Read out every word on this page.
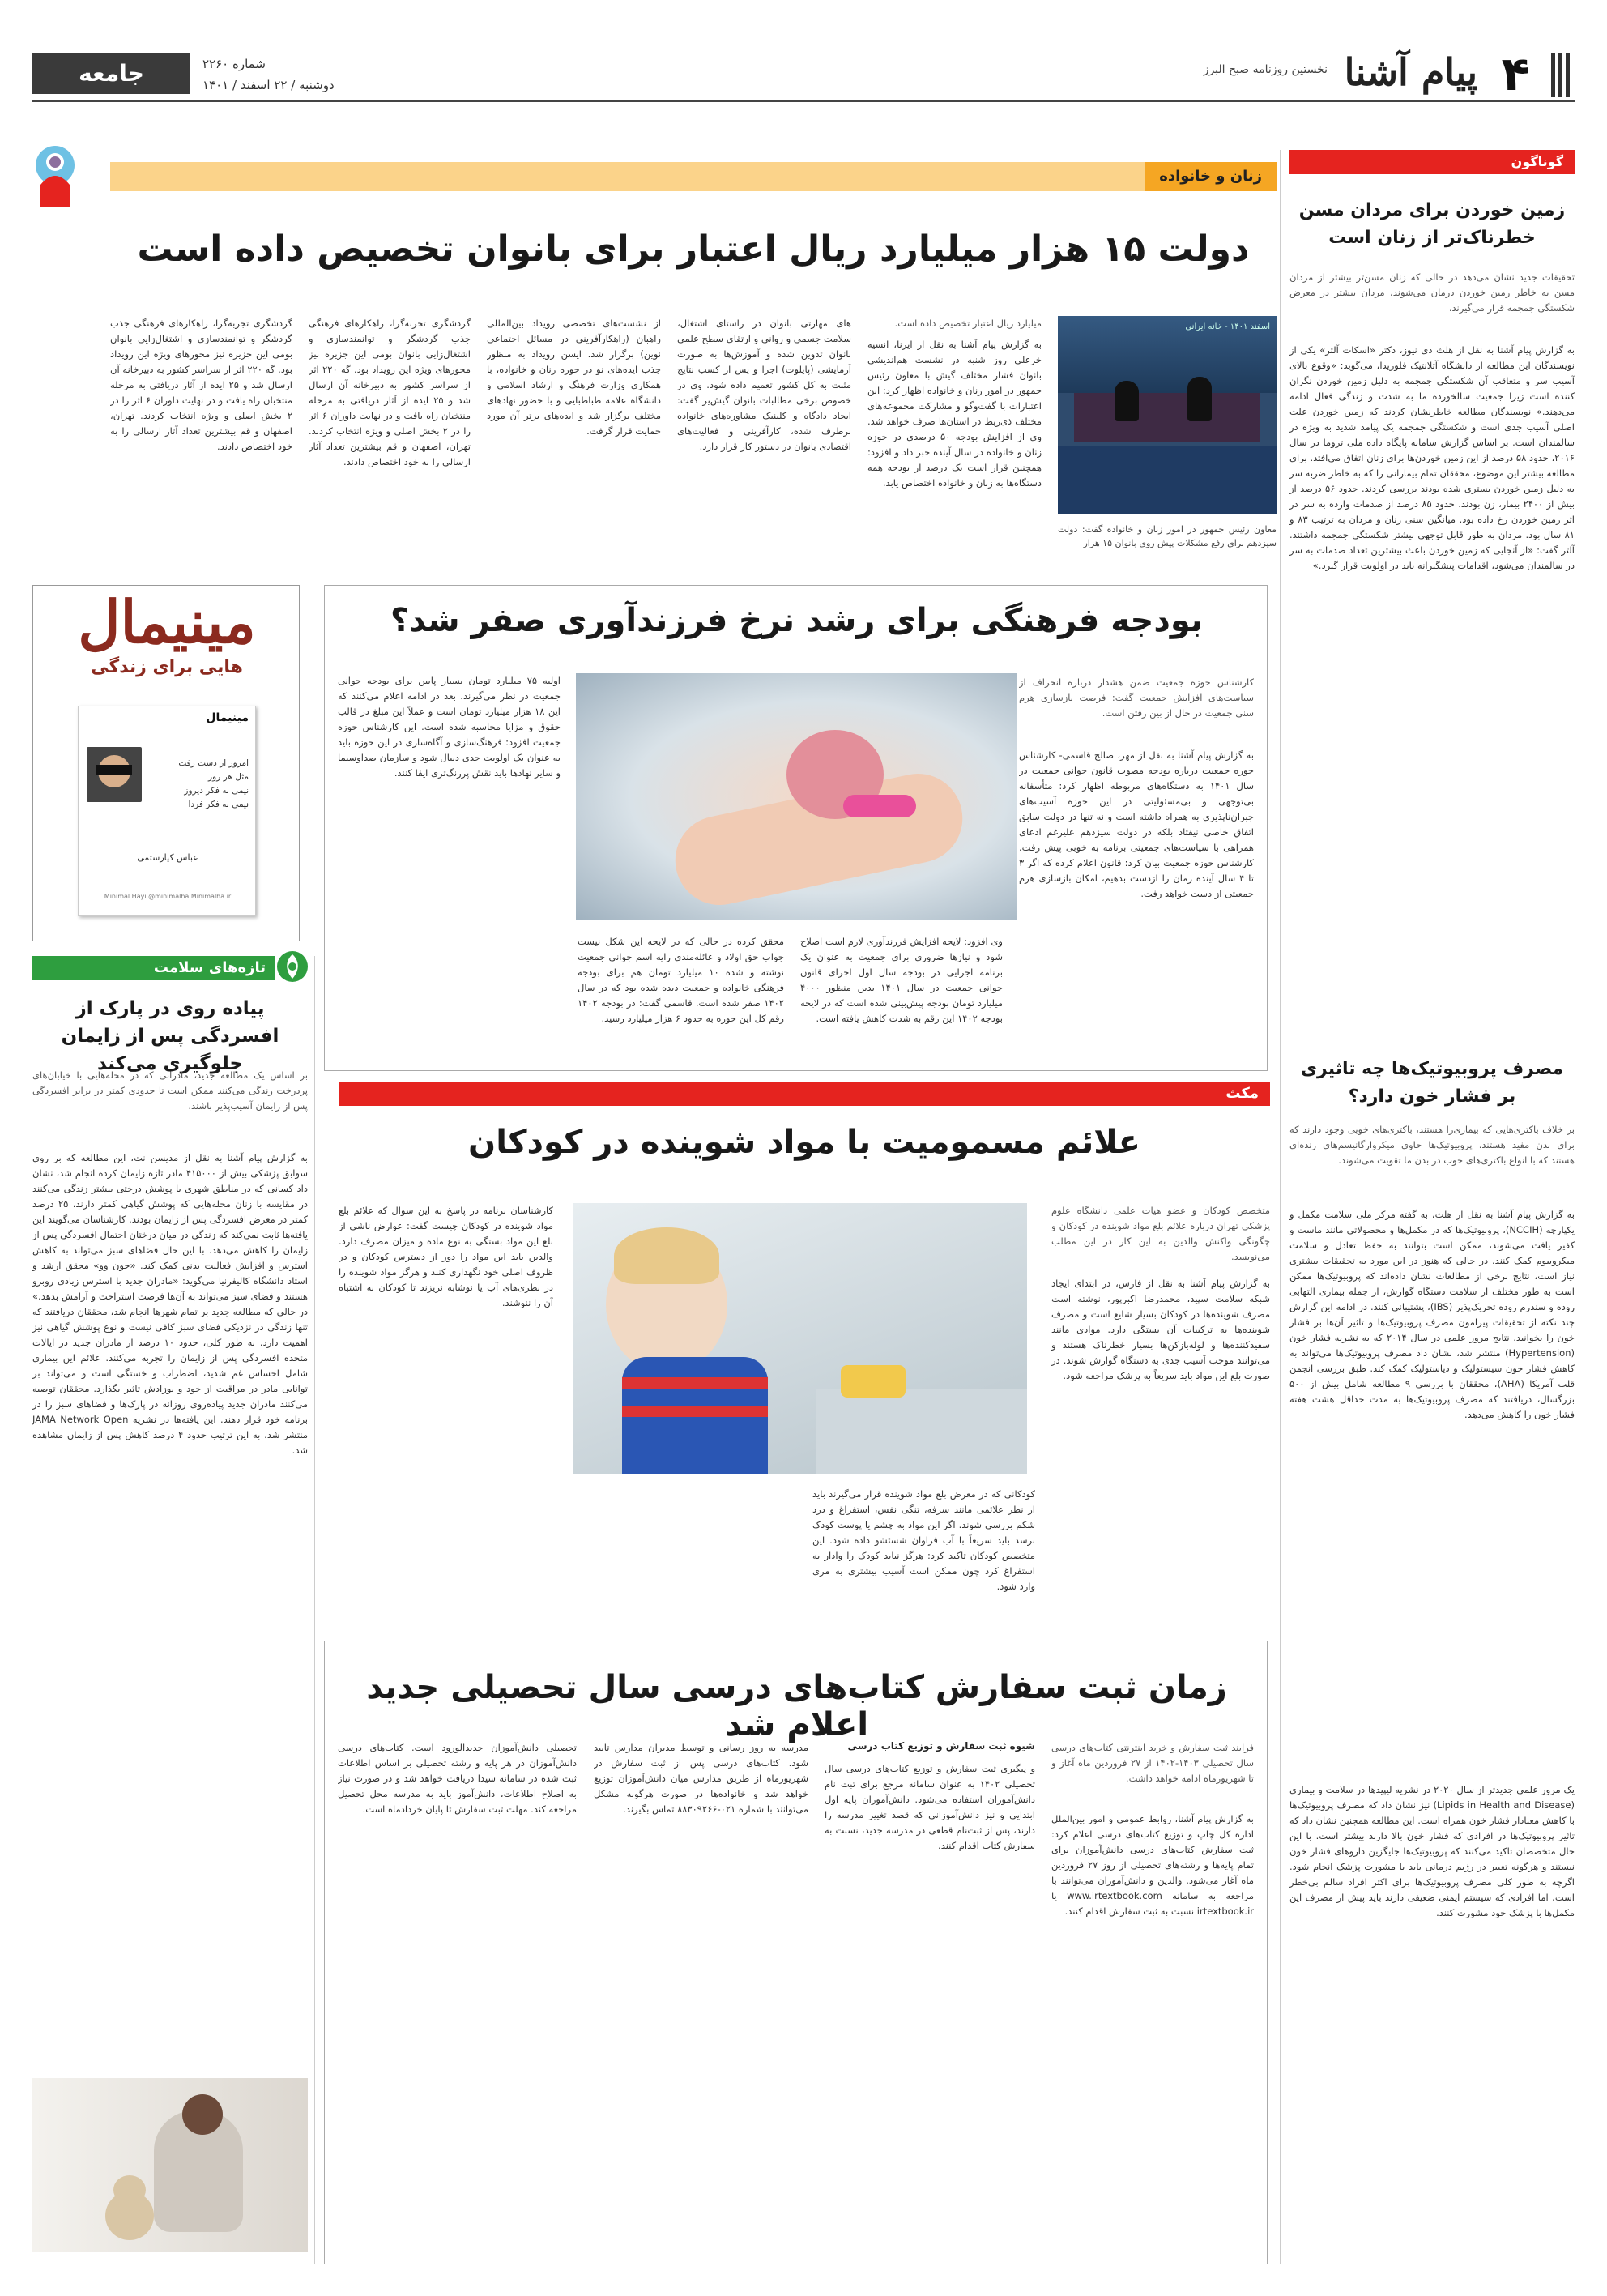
۴
پیام آشنا
نخستین روزنامه صبح البرز
شماره ۲۲۶۰
دوشنبه / ۲۲ اسفند / ۱۴۰۱
جامعه
زنان و خانواده
دولت ۱۵ هزار میلیارد ریال اعتبار برای بانوان تخصیص داده است
اسفند ۱۴۰۱ - خانه ایرانی
معاون رئیس جمهور در امور زنان و خانواده گفت: دولت سیزدهم برای رفع مشکلات پیش روی بانوان ۱۵ هزار
میلیارد ریال اعتبار تخصیص داده است.
به گزارش پیام آشنا به نقل از ایرنا، انسیه خزعلی روز شنبه در نشست هم‌اندیشی بانوان فشار مختلف گیش با معاون رئیس جمهور در امور زنان و خانواده اظهار کرد: این اعتبارات با گفت‌وگو و مشارکت مجموعه‌های مختلف ذی‌ربط در استان‌ها صرف خواهد شد. وی از افزایش بودجه ۵۰ درصدی در حوزه زنان و خانواده در سال آینده خبر داد و افزود: همچنین قرار است یک درصد از بودجه همه دستگاه‌ها به زنان و خانواده اختصاص یابد.
های مهارتی بانوان در راستای اشتغال، سلامت جسمی و روانی و ارتقای سطح علمی بانوان تدوین شده و آموزش‌ها به صورت آزمایشی (پایلوت) اجرا و پس از کسب نتایج مثبت به کل کشور تعمیم داده شود. وی در خصوص برخی مطالبات بانوان گیش‌یر گفت: ایجاد دادگاه و کلینیک مشاوره‌های خانواده برطرف شده، کارآفرینی و فعالیت‌های اقتصادی بانوان در دستور کار قرار دارد.
از نشست‌های تخصصی رویداد بین‌المللی راهبان (راهکارآفرینی در مسائل اجتماعی نوین) برگزار شد. ایسن رویداد به منظور جذب ایده‌های نو در حوزه زنان و خانواده، با همکاری وزارت فرهنگ و ارشاد اسلامی و دانشگاه علامه طباطبایی و با حضور نهادهای مختلف برگزار شد و ایده‌های برتر آن مورد حمایت قرار گرفت.
گردشگری تجربه‌گرا، راهکارهای فرهنگی جذب گردشگر و توانمندسازی و اشتغال‌زایی بانوان بومی این جزیره نیز محورهای ویژه این رویداد بود. گه ۲۲۰ اثر از سراسر کشور به دبیرخانه آن ارسال شد و ۲۵ ایده از آثار دریافتی به مرحله منتخبان راه یافت و در نهایت داوران ۶ اثر را در ۲ بخش اصلی و ویژه انتخاب کردند. تهران، اصفهان و قم بیشترین تعداد آثار ارسالی را به خود اختصاص دادند.
گردشگری تجربه‌گرا، راهکارهای فرهنگی جذب گردشگر و توانمندسازی و اشتغال‌زایی بانوان بومی این جزیره نیز محورهای ویژه این رویداد بود. گه ۲۲۰ اثر از سراسر کشور به دبیرخانه آن ارسال شد و ۲۵ ایده از آثار دریافتی به مرحله منتخبان راه یافت و در نهایت داوران ۶ اثر را در ۲ بخش اصلی و ویژه انتخاب کردند. تهران، اصفهان و قم بیشترین تعداد آثار ارسالی را به خود اختصاص دادند.
مینیمال
هایی برای زندگی
مینیمال
امروز از دست رفت
مثل هر روز
نیمی به فکر دیروز
نیمی به فکر فردا
عباس کیارستمی
Minimal.Hayi @minimalha Minimalha.ir
بودجه فرهنگی برای رشد نرخ فرزندآوری صفر شد؟
کارشناس حوزه جمعیت ضمن هشدار درباره انحراف از سیاست‌های افزایش جمعیت گفت: فرصت بازسازی هرم سنی جمعیت در حال از بین رفتن است.
به گزارش پیام آشنا به نقل از مهر، صالح قاسمی- کارشناس حوزه جمعیت درباره بودجه مصوب قانون جوانی جمعیت در سال ۱۴۰۱ به دستگاه‌های مربوطه اظهار کرد: متأسفانه بی‌توجهی و بی‌مسئولیتی در این حوزه آسیب‌های جبران‌ناپذیری به همراه داشته است و نه تنها در دولت سابق اتفاق خاصی نیفتاد بلکه در دولت سیزدهم علیرغم ادعای همراهی با سیاست‌های جمعیتی برنامه به خوبی پیش رفت. کارشناس حوزه جمعیت بیان کرد: قانون اعلام کرده که اگر ۳ تا ۴ سال آینده زمان را ازدست بدهیم، امکان بازسازی هرم جمعیتی از دست خواهد رفت.
وی افزود: لایحه افزایش فرزندآوری لازم است اصلاح شود و نیازها ضروری برای جمعیت به عنوان یک برنامه اجرایی در بودجه سال اول اجرای قانون جوانی جمعیت در سال ۱۴۰۱ بدین منظور ۴۰۰۰ میلیارد تومان بودجه پیش‌بینی شده است که در لایحه بودجه ۱۴۰۲ این رقم به شدت کاهش یافته است.
محقق کرده در حالی که در لایحه این شکل نیست جواب حق اولاد و عائله‌مندی رایه اسم جوانی جمعیت نوشته و شده ۱۰ میلیارد تومان هم برای بودجه فرهنگی خانواده و جمعیت دیده شده بود که در سال ۱۴۰۲ صفر شده است. قاسمی گفت: در بودجه ۱۴۰۲ رقم کل این حوزه به حدود ۶ هزار میلیارد رسید.
اولیه ۷۵ میلیارد تومان بسیار پایین برای بودجه جوانی جمعیت در نظر می‌گیرند. بعد در ادامه اعلام می‌کنند که این ۱۸ هزار میلیارد تومان است و عملاً این مبلغ در قالب حقوق و مزایا محاسبه شده است. این کارشناس حوزه جمعیت افزود: فرهنگ‌سازی و آگاه‌سازی در این حوزه باید به عنوان یک اولویت جدی دنبال شود و سازمان صداوسیما و سایر نهادها باید نقش پررنگ‌تری ایفا کنند.
تازه‌های سلامت
پیاده روی در پارک از افسردگی پس از زایمان جلوگیری می‌کند
بر اساس یک مطالعه جدید، مادرانی که در محله‌هایی با خیابان‌های پردرخت زندگی می‌کنند ممکن است تا حدودی کمتر در برابر افسردگی پس از زایمان آسیب‌پذیر باشند.
به گزارش پیام آشنا به نقل از مدیسن نت، این مطالعه که بر روی سوابق پزشکی بیش از ۴۱۵۰۰۰ مادر تازه زایمان کرده انجام شد، نشان داد کسانی که در مناطق شهری با پوشش درختی بیشتر زندگی می‌کنند در مقایسه با زنان محله‌هایی که پوشش گیاهی کمتر دارند، ۲۵ درصد کمتر در معرض افسردگی پس از زایمان بودند. کارشناسان می‌گویند این یافته‌ها ثابت نمی‌کند که زندگی در میان درختان احتمال افسردگی پس از زایمان را کاهش می‌دهد. با این حال فضاهای سبز می‌تواند به کاهش استرس و افزایش فعالیت بدنی کمک کند. «جون وو» محقق ارشد و استاد دانشگاه کالیفرنیا می‌گوید: «مادران جدید با استرس زیادی روبرو هستند و فضای سبز می‌تواند به آن‌ها فرصت استراحت و آرامش بدهد.» در حالی که مطالعه جدید بر تمام شهرها انجام شد، محققان دریافتند که تنها زندگی در نزدیکی فضای سبز کافی نیست و نوع پوشش گیاهی نیز اهمیت دارد. به طور کلی، حدود ۱۰ درصد از مادران جدید در ایالات متحده افسردگی پس از زایمان را تجربه می‌کنند. علائم این بیماری شامل احساس غم شدید، اضطراب و خستگی است و می‌تواند بر توانایی مادر در مراقبت از خود و نوزادش تاثیر بگذارد. محققان توصیه می‌کنند مادران جدید پیاده‌روی روزانه در پارک‌ها و فضاهای سبز را در برنامه خود قرار دهند. این یافته‌ها در نشریه JAMA Network Open منتشر شد. به این ترتیب حدود ۴ درصد کاهش پس از زایمان مشاهده شد.
مکث
علائم مسمومیت با مواد شوینده در کودکان
متخصص کودکان و عضو هیات علمی دانشگاه علوم پزشکی تهران درباره علائم بلع مواد شوینده در کودکان و چگونگی واکنش والدین به این کار در این مطلب می‌نویسد.
به گزارش پیام آشنا به نقل از فارس، در ابتدای ایجاد شبکه سلامت سپید، محمدرضا اکبرپور، نوشته است مصرف شوینده‌ها در کودکان بسیار شایع است و مصرف شوینده‌ها به ترکیبات آن بستگی دارد. موادی مانند سفیدکننده‌ها و لوله‌بازکن‌ها بسیار خطرناک هستند و می‌توانند موجب آسیب جدی به دستگاه گوارش شوند. در صورت بلع این مواد باید سریعاً به پزشک مراجعه شود.
کودکانی که در معرض بلع مواد شوینده قرار می‌گیرند باید از نظر علائمی مانند سرفه، تنگی نفس، استفراغ و درد شکم بررسی شوند. اگر این مواد به چشم یا پوست کودک برسد باید سریعاً با آب فراوان شستشو داده شود. این متخصص کودکان تاکید کرد: هرگز نباید کودک را وادار به استفراغ کرد چون ممکن است آسیب بیشتری به مری وارد شود.
کارشناسان برنامه در پاسخ به این سوال که علائم بلع مواد شوینده در کودکان چیست گفت: عوارض ناشی از بلع این مواد بستگی به نوع ماده و میزان مصرف دارد. والدین باید این مواد را دور از دسترس کودکان و در ظروف اصلی خود نگهداری کنند و هرگز مواد شوینده را در بطری‌های آب یا نوشابه نریزند تا کودکان به اشتباه آن را ننوشند.
زمان ثبت سفارش کتاب‌های درسی سال تحصیلی جدید اعلام شد
فرایند ثبت سفارش و خرید اینترنتی کتاب‌های درسی سال تحصیلی ۱۴۰۳-۱۴۰۲ از ۲۷ فروردین ماه آغاز و تا شهریورماه ادامه خواهد داشت.
به گزارش پیام آشنا، روابط عمومی و امور بین‌الملل اداره کل چاپ و توزیع کتاب‌های درسی اعلام کرد: ثبت سفارش کتاب‌های درسی دانش‌آموزان برای تمام پایه‌ها و رشته‌های تحصیلی از روز ۲۷ فروردین ماه آغاز می‌شود. والدین و دانش‌آموزان می‌توانند با مراجعه به سامانه www.irtextbook.com یا irtextbook.ir نسبت به ثبت سفارش اقدام کنند.
شیوه ثبت سفارش و توزیع کتاب درسی
و پیگیری ثبت سفارش و توزیع کتاب‌های درسی سال تحصیلی ۱۴۰۲ به عنوان سامانه مرجع برای ثبت نام دانش‌آموزان استفاده می‌شود. دانش‌آموزان پایه اول ابتدایی و نیز دانش‌آموزانی که قصد تغییر مدرسه را دارند، پس از ثبت‌نام قطعی در مدرسه جدید، نسبت به سفارش کتاب اقدام کنند.
مدرسه به روز رسانی و توسط مدیران مدارس تایید شود. کتاب‌های درسی پس از ثبت سفارش در شهریورماه از طریق مدارس میان دانش‌آموزان توزیع خواهد شد و خانواده‌ها در صورت هرگونه مشکل می‌توانند با شماره ۰۲۱-۸۸۳۰۹۲۶۶ تماس بگیرند.
تحصیلی دانش‌آموزان جدیدالورود است. کتاب‌های درسی دانش‌آموزان در هر پایه و رشته تحصیلی بر اساس اطلاعات ثبت شده در سامانه سیدا دریافت خواهد شد و در صورت نیاز به اصلاح اطلاعات، دانش‌آموز باید به مدرسه محل تحصیل مراجعه کند. مهلت ثبت سفارش تا پایان خردادماه است.
گوناگون
زمین خوردن برای مردان مسن خطرناک‌تر از زنان است
تحقیقات جدید نشان می‌دهد در حالی که زنان مسن‌تر بیشتر از مردان مسن به خاطر زمین خوردن درمان می‌شوند، مردان بیشتر در معرض شکستگی جمجمه قرار می‌گیرند.
به گزارش پیام آشنا به نقل از هلث دی نیوز، دکتر «اسکات آلتر» یکی از نویسندگان این مطالعه از دانشگاه آتلانتیک فلوریدا، می‌گوید: «وقوع بالای آسیب سر و متعاقب آن شکستگی جمجمه به دلیل زمین خوردن نگران کننده است زیرا جمعیت سالخورده ما به شدت و زندگی فعال ادامه می‌دهند.» نویسندگان مطالعه خاطرنشان کردند که زمین خوردن علت اصلی آسیب جدی است و شکستگی جمجمه یک پیامد شدید به ویژه در سالمندان است. بر اساس گزارش سامانه پایگاه داده ملی تروما در سال ۲۰۱۶، حدود ۵۸ درصد از این زمین خوردن‌ها برای زنان اتفاق می‌افتد. برای مطالعه بیشتر این موضوع، محققان تمام بیمارانی را که به خاطر ضربه سر به دلیل زمین خوردن بستری شده بودند بررسی کردند. حدود ۵۶ درصد از بیش از ۲۴۰۰ بیمار، زن بودند. حدود ۸۵ درصد از صدمات وارده به سر در اثر زمین خوردن رخ داده بود. میانگین سنی زنان و مردان به ترتیب ۸۳ و ۸۱ سال بود. مردان به طور قابل توجهی بیشتر شکستگی جمجمه داشتند. آلتر گفت: «از آنجایی که زمین خوردن باعث بیشترین تعداد صدمات به سر در سالمندان می‌شود، اقدامات پیشگیرانه باید در اولویت قرار گیرد.»
مصرف پروبیوتیک‌ها چه تاثیری بر فشار خون دارد؟
بر خلاف باکتری‌هایی که بیماری‌زا هستند، باکتری‌های خوبی وجود دارند که برای بدن مفید هستند. پروبیوتیک‌ها حاوی میکروارگانیسم‌های زنده‌ای هستند که با انواع باکتری‌های خوب در بدن ما تقویت می‌شوند.
به گزارش پیام آشنا به نقل از هلث، به گفته مرکز ملی سلامت مکمل و یکپارچه (NCCIH)، پروبیوتیک‌ها که در مکمل‌ها و محصولاتی مانند ماست و کفیر یافت می‌شوند، ممکن است بتوانند به حفظ تعادل و سلامت میکروبیوم کمک کنند. در حالی که هنوز در این مورد به تحقیقات بیشتری نیاز است، نتایج برخی از مطالعات نشان داده‌اند که پروبیوتیک‌ها ممکن است به طور مختلف از سلامت دستگاه گوارش، از جمله بیماری التهابی روده و سندرم روده تحریک‌پذیر (IBS)، پشتیبانی کنند. در ادامه این گزارش چند نکته از تحقیقات پیرامون مصرف پروبیوتیک‌ها و تاثیر آن‌ها بر فشار خون را بخوانید. نتایج مرور علمی در سال ۲۰۱۴ که به نشریه فشار خون (Hypertension) منتشر شد، نشان داد مصرف پروبیوتیک‌ها می‌تواند به کاهش فشار خون سیستولیک و دیاستولیک کمک کند. طبق بررسی انجمن قلب آمریکا (AHA)، محققان با بررسی ۹ مطالعه شامل بیش از ۵۰۰ بزرگسال، دریافتند که مصرف پروبیوتیک‌ها به مدت حداقل هشت هفته فشار خون را کاهش می‌دهد.
یک مرور علمی جدیدتر از سال ۲۰۲۰ در نشریه لیپیدها در سلامت و بیماری (Lipids in Health and Disease) نیز نشان داد که مصرف پروبیوتیک‌ها با کاهش معنادار فشار خون همراه است. این مطالعه همچنین نشان داد که تاثیر پروبیوتیک‌ها در افرادی که فشار خون بالا دارند بیشتر است. با این حال متخصصان تاکید می‌کنند که پروبیوتیک‌ها جایگزین داروهای فشار خون نیستند و هرگونه تغییر در رژیم درمانی باید با مشورت پزشک انجام شود. اگرچه به طور کلی مصرف پروبیوتیک‌ها برای اکثر افراد سالم بی‌خطر است، اما افرادی که سیستم ایمنی ضعیفی دارند باید پیش از مصرف این مکمل‌ها با پزشک خود مشورت کنند.
